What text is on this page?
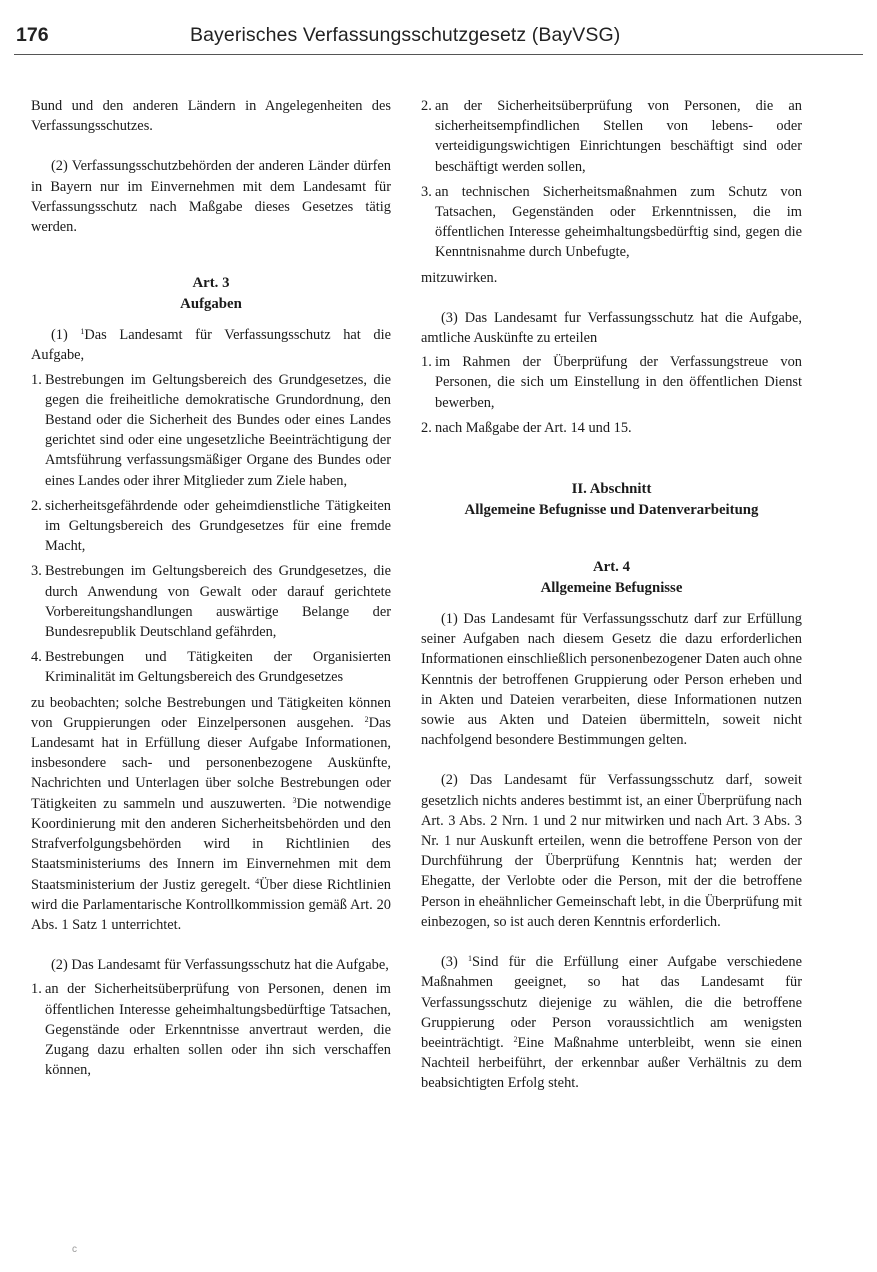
176	Bayerisches Verfassungsschutzgesetz (BayVSG)

Bund und den anderen Ländern in Angelegenheiten des Verfassungsschutzes.

(2) Verfassungsschutzbehörden der anderen Länder dürfen in Bayern nur im Einvernehmen mit dem Landesamt für Verfassungsschutz nach Maßgabe dieses Gesetzes tätig werden.

Art. 3
Aufgaben

(1) $^1$Das Landesamt für Verfassungsschutz hat die Aufgabe,

1. Bestrebungen im Geltungsbereich des Grundgesetzes, die gegen die freiheitliche demokratische Grundordnung, den Bestand oder die Sicherheit des Bundes oder eines Landes gerichtet sind oder eine ungesetzliche Beeinträchtigung der Amtsführung verfassungsmäßiger Organe des Bundes oder eines Landes oder ihrer Mitglieder zum Ziele haben,
2. sicherheitsgefährdende oder geheimdienstliche Tätigkeiten im Geltungsbereich des Grundgesetzes für eine fremde Macht,
3. Bestrebungen im Geltungsbereich des Grundgesetzes, die durch Anwendung von Gewalt oder darauf gerichtete Vorbereitungshandlungen auswärtige Belange der Bundesrepublik Deutschland gefährden,
4. Bestrebungen und Tätigkeiten der Organisierten Kriminalität im Geltungsbereich des Grundgesetzes

zu beobachten; solche Bestrebungen und Tätigkeiten können von Gruppierungen oder Einzelpersonen ausgehen. $^2$Das Landesamt hat in Erfüllung dieser Aufgabe Informationen, insbesondere sach- und personenbezogene Auskünfte, Nachrichten und Unterlagen über solche Bestrebungen oder Tätigkeiten zu sammeln und auszuwerten. $^3$Die notwendige Koordinierung mit den anderen Sicherheitsbehörden und den Strafverfolgungsbehörden wird in Richtlinien des Staatsministeriums des Innern im Einvernehmen mit dem Staatsministerium der Justiz geregelt. $^4$Über diese Richtlinien wird die Parlamentarische Kontrollkommission gemäß Art. 20 Abs. 1 Satz 1 unterrichtet.

(2) Das Landesamt für Verfassungsschutz hat die Aufgabe,

1. an der Sicherheitsüberprüfung von Personen, denen im öffentlichen Interesse geheimhaltungsbedürftige Tatsachen, Gegenstände oder Erkenntnisse anvertraut werden, die Zugang dazu erhalten sollen oder ihn sich verschaffen können,
2. an der Sicherheitsüberprüfung von Personen, die an sicherheitsempfindlichen Stellen von lebens- oder verteidigungswichtigen Einrichtungen beschäftigt sind oder beschäftigt werden sollen,
3. an technischen Sicherheitsmaßnahmen zum Schutz von Tatsachen, Gegenständen oder Erkenntnissen, die im öffentlichen Interesse geheimhaltungsbedürftig sind, gegen die Kenntnisnahme durch Unbefugte,

mitzuwirken.

(3) Das Landesamt fur Verfassungsschutz hat die Aufgabe, amtliche Auskünfte zu erteilen

1. im Rahmen der Überprüfung der Verfassungstreue von Personen, die sich um Einstellung in den öffentlichen Dienst bewerben,
2. nach Maßgabe der Art. 14 und 15.
II. Abschnitt
Allgemeine Befugnisse und Datenverarbeitung
Art. 4
Allgemeine Befugnisse

(1) Das Landesamt für Verfassungsschutz darf zur Erfüllung seiner Aufgaben nach diesem Gesetz die dazu erforderlichen Informationen einschließlich personenbezogener Daten auch ohne Kenntnis der betroffenen Gruppierung oder Person erheben und in Akten und Dateien verarbeiten, diese Informationen nutzen sowie aus Akten und Dateien übermitteln, soweit nicht nachfolgend besondere Bestimmungen gelten.

(2) Das Landesamt für Verfassungsschutz darf, soweit gesetzlich nichts anderes bestimmt ist, an einer Überprüfung nach Art. 3 Abs. 2 Nrn. 1 und 2 nur mitwirken und nach Art. 3 Abs. 3 Nr. 1 nur Auskunft erteilen, wenn die betroffene Person von der Durchführung der Überprüfung Kenntnis hat; werden der Ehegatte, der Verlobte oder die Person, mit der die betroffene Person in eheähnlicher Gemeinschaft lebt, in die Überprüfung mit einbezogen, so ist auch deren Kenntnis erforderlich.

(3) $^1$Sind für die Erfüllung einer Aufgabe verschiedene Maßnahmen geeignet, so hat das Landesamt für Verfassungsschutz diejenige zu wählen, die die betroffene Gruppierung oder Person voraussichtlich am wenigsten beeinträchtigt. $^2$Eine Maßnahme unterbleibt, wenn sie einen Nachteil herbeiführt, der erkennbar außer Verhältnis zu dem beabsichtigten Erfolg steht.

c
